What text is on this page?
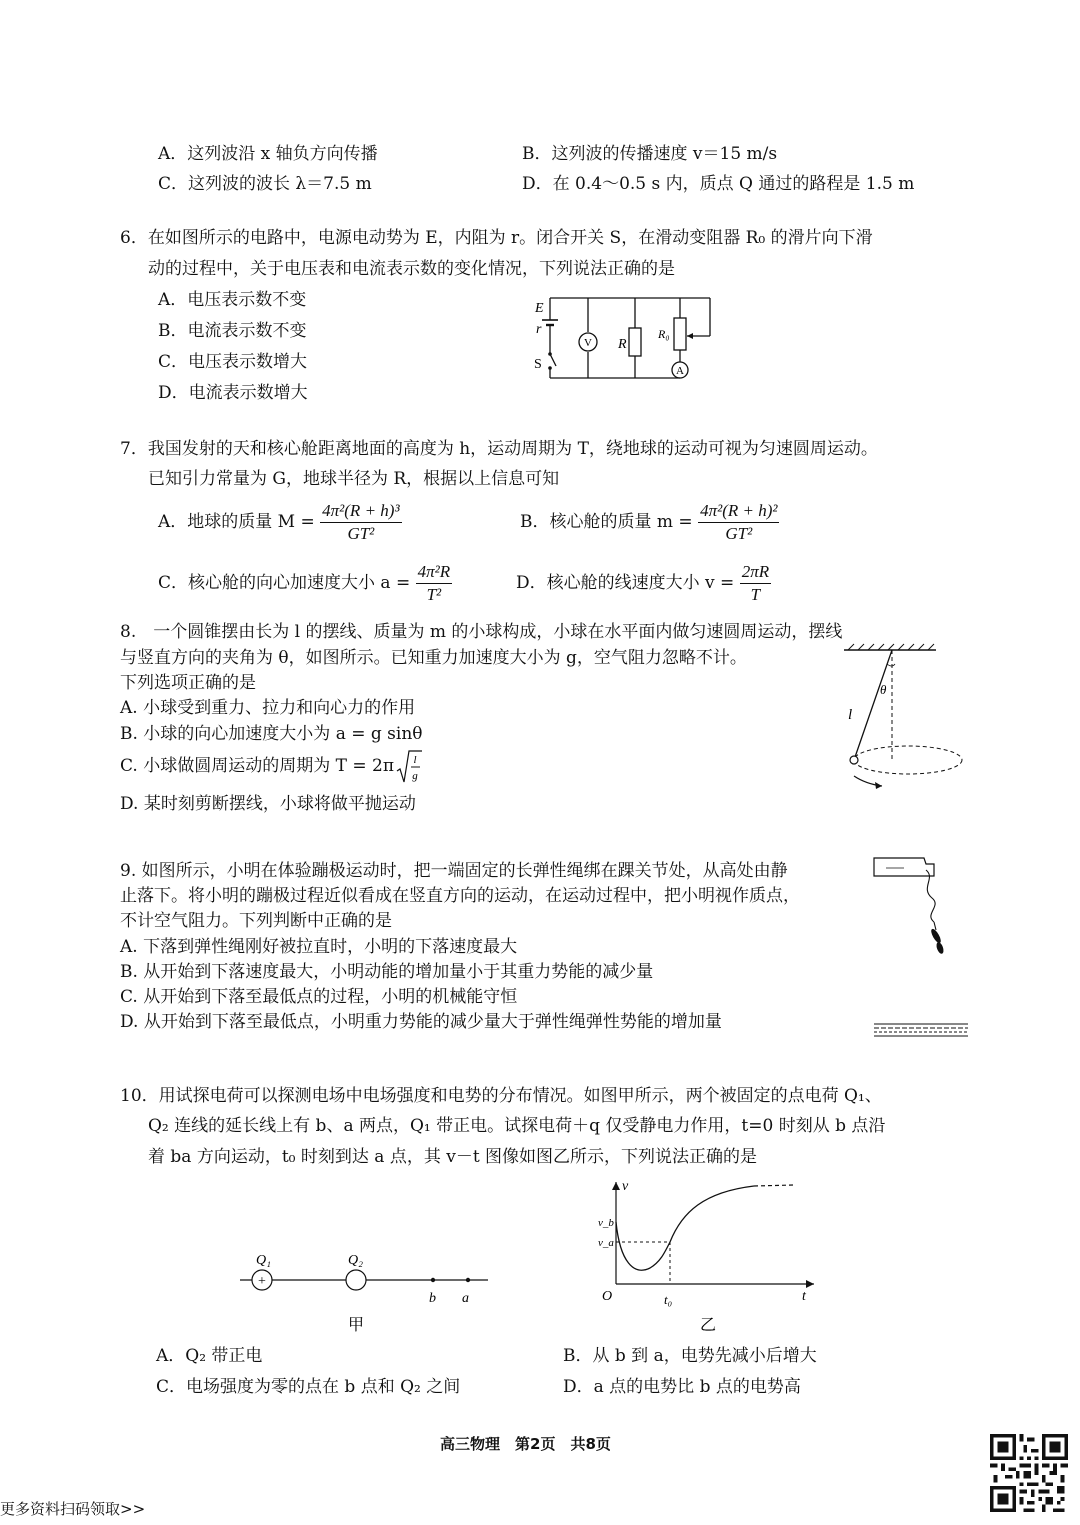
A．这列波沿 x 轴负方向传播	B．这列波的传播速度 v＝15 m/s
C．这列波的波长 λ＝7.5 m	D．在 0.4～0.5 s 内，质点 Q 通过的路程是 1.5 m
6．在如图所示的电路中，电源电动势为 E，内阻为 r。闭合开关 S，在滑动变阻器 R₀ 的滑片向下滑
动的过程中，关于电压表和电流表示数的变化情况，下列说法正确的是
A．电压表示数不变
B．电流表示数不变
C．电压表示数增大
D．电流表示数增大
E
r
S
V R
R₀
A
7．我国发射的天和核心舱距离地面的高度为 h，运动周期为 T，绕地球的运动可视为匀速圆周运动。
已知引力常量为 G，地球半径为 R，根据以上信息可知
A．地球的质量 $M = \frac{\text{4π²(R + h)³}}{\text{GT²}}$	B．核心舱的质量 $m = \frac{\text{4π²(R + h)²}}{\text{GT²}}$
C．核心舱的向心加速度大小 $a = \frac{\text{4π²R}}{\text{T²}}$	D．核心舱的线速度大小 $v = \frac{2\pi R}{T}$
8.　一个圆锥摆由长为 l 的摆线、质量为 m 的小球构成，小球在水平面内做匀速圆周运动，摆线
与竖直方向的夹角为 θ，如图所示。已知重力加速度大小为 g，空气阻力忽略不计。
下列选项正确的是
A. 小球受到重力、拉力和向心力的作用
B. 小球的向心加速度大小为 a = g sinθ
C. 小球做圆周运动的周期为 T = 2π l
g
D. 某时刻剪断摆线，小球将做平抛运动
θ
l
9. 如图所示，小明在体验蹦极运动时，把一端固定的长弹性绳绑在踝关节处，从高处由静
止落下。将小明的蹦极过程近似看成在竖直方向的运动，在运动过程中，把小明视作质点，
不计空气阻力。下列判断中正确的是
A. 下落到弹性绳刚好被拉直时，小明的下落速度最大
B. 从开始到下落速度最大，小明动能的增加量小于其重力势能的减少量
C. 从开始到下落至最低点的过程，小明的机械能守恒
D. 从开始到下落至最低点，小明重力势能的减少量大于弹性绳弹性势能的增加量
10．用试探电荷可以探测电场中电场强度和电势的分布情况。如图甲所示，两个被固定的点电荷 Q₁、
Q₂ 连线的延长线上有 b、a 两点，Q₁ 带正电。试探电荷＋q 仅受静电力作用，t=0 时刻从 b 点沿
着 ba 方向运动，t₀ 时刻到达 a 点，其 v－t 图像如图乙所示，下列说法正确的是
+
Q₁	Q₂
b a
甲
v
v_b
v_a
O	t₀	t
乙
A．Q₂ 带正电	B．从 b 到 a，电势先减小后增大
C．电场强度为零的点在 b 点和 Q₂ 之间	D．a 点的电势比 b 点的电势高
高三物理　第2页　共8页
更多资料扫码领取>>
